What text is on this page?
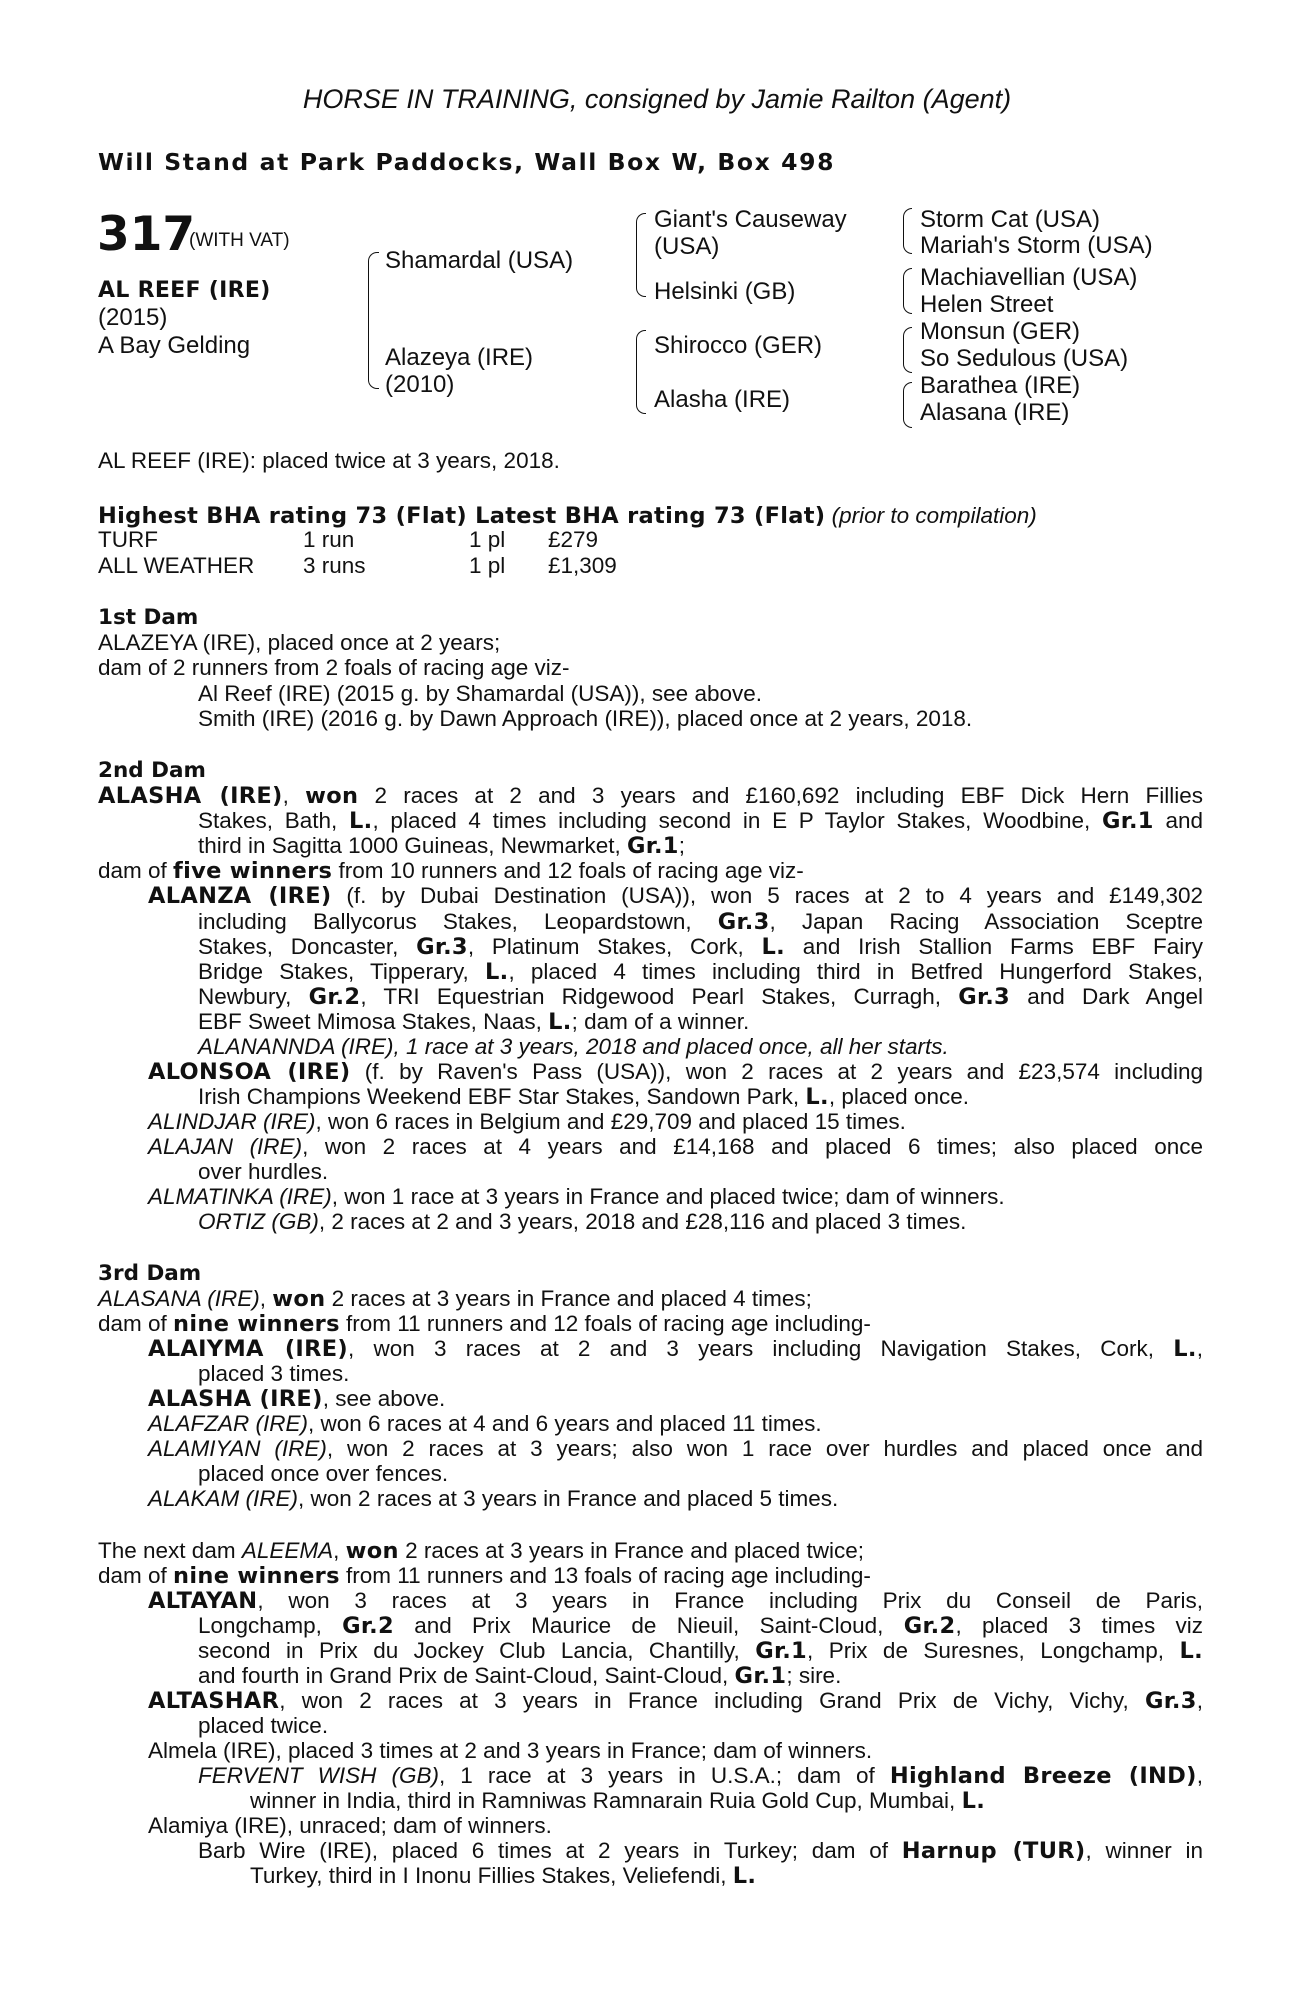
HORSE IN TRAINING, consigned by Jamie Railton (Agent)
Will Stand at Park Paddocks, Wall Box W, Box 498
317
(WITH VAT)
AL REEF (IRE)
(2015)
A Bay Gelding
Shamardal (USA)
Alazeya (IRE)
(2010)
Giant's Causeway
(USA)
Helsinki (GB)
Shirocco (GER)
Alasha (IRE)
Storm Cat (USA)
Mariah's Storm (USA)
Machiavellian (USA)
Helen Street
Monsun (GER)
So Sedulous (USA)
Barathea (IRE)
Alasana (IRE)
AL REEF (IRE): placed twice at 3 years, 2018.
Highest BHA rating 73 (Flat) Latest BHA rating 73 (Flat) (prior to compilation)
TURF	1 run	1 pl £279
ALL WEATHER 3 runs	1 pl £1,309
1st Dam
ALAZEYA (IRE), placed once at 2 years;
dam of 2 runners from 2 foals of racing age viz-
Al Reef (IRE) (2015 g. by Shamardal (USA)), see above.
Smith (IRE) (2016 g. by Dawn Approach (IRE)), placed once at 2 years, 2018.
2nd Dam
ALASHA (IRE), won 2 races at 2 and 3 years and £160,692 including EBF Dick Hern Fillies
Stakes, Bath, L., placed 4 times including second in E P Taylor Stakes, Woodbine, Gr.1 and
third in Sagitta 1000 Guineas, Newmarket, Gr.1;
dam of five winners from 10 runners and 12 foals of racing age viz-
ALANZA (IRE) (f. by Dubai Destination (USA)), won 5 races at 2 to 4 years and £149,302
including Ballycorus Stakes, Leopardstown, Gr.3, Japan Racing Association Sceptre
Stakes, Doncaster, Gr.3, Platinum Stakes, Cork, L. and Irish Stallion Farms EBF Fairy
Bridge Stakes, Tipperary, L., placed 4 times including third in Betfred Hungerford Stakes,
Newbury, Gr.2, TRI Equestrian Ridgewood Pearl Stakes, Curragh, Gr.3 and Dark Angel
EBF Sweet Mimosa Stakes, Naas, L.; dam of a winner.
ALANANNDA (IRE), 1 race at 3 years, 2018 and placed once, all her starts.
ALONSOA (IRE) (f. by Raven's Pass (USA)), won 2 races at 2 years and £23,574 including
Irish Champions Weekend EBF Star Stakes, Sandown Park, L., placed once.
ALINDJAR (IRE), won 6 races in Belgium and £29,709 and placed 15 times.
ALAJAN (IRE), won 2 races at 4 years and £14,168 and placed 6 times; also placed once
over hurdles.
ALMATINKA (IRE), won 1 race at 3 years in France and placed twice; dam of winners.
ORTIZ (GB), 2 races at 2 and 3 years, 2018 and £28,116 and placed 3 times.
3rd Dam
ALASANA (IRE), won 2 races at 3 years in France and placed 4 times;
dam of nine winners from 11 runners and 12 foals of racing age including-
ALAIYMA (IRE), won 3 races at 2 and 3 years including Navigation Stakes, Cork, L.,
placed 3 times.
ALASHA (IRE), see above.
ALAFZAR (IRE), won 6 races at 4 and 6 years and placed 11 times.
ALAMIYAN (IRE), won 2 races at 3 years; also won 1 race over hurdles and placed once and
placed once over fences.
ALAKAM (IRE), won 2 races at 3 years in France and placed 5 times.
The next dam ALEEMA, won 2 races at 3 years in France and placed twice;
dam of nine winners from 11 runners and 13 foals of racing age including-
ALTAYAN, won 3 races at 3 years in France including Prix du Conseil de Paris,
Longchamp, Gr.2 and Prix Maurice de Nieuil, Saint-Cloud, Gr.2, placed 3 times viz
second in Prix du Jockey Club Lancia, Chantilly, Gr.1, Prix de Suresnes, Longchamp, L.
and fourth in Grand Prix de Saint-Cloud, Saint-Cloud, Gr.1; sire.
ALTASHAR, won 2 races at 3 years in France including Grand Prix de Vichy, Vichy, Gr.3,
placed twice.
Almela (IRE), placed 3 times at 2 and 3 years in France; dam of winners.
FERVENT WISH (GB), 1 race at 3 years in U.S.A.; dam of Highland Breeze (IND),
winner in India, third in Ramniwas Ramnarain Ruia Gold Cup, Mumbai, L.
Alamiya (IRE), unraced; dam of winners.
Barb Wire (IRE), placed 6 times at 2 years in Turkey; dam of Harnup (TUR), winner in
Turkey, third in I Inonu Fillies Stakes, Veliefendi, L.
